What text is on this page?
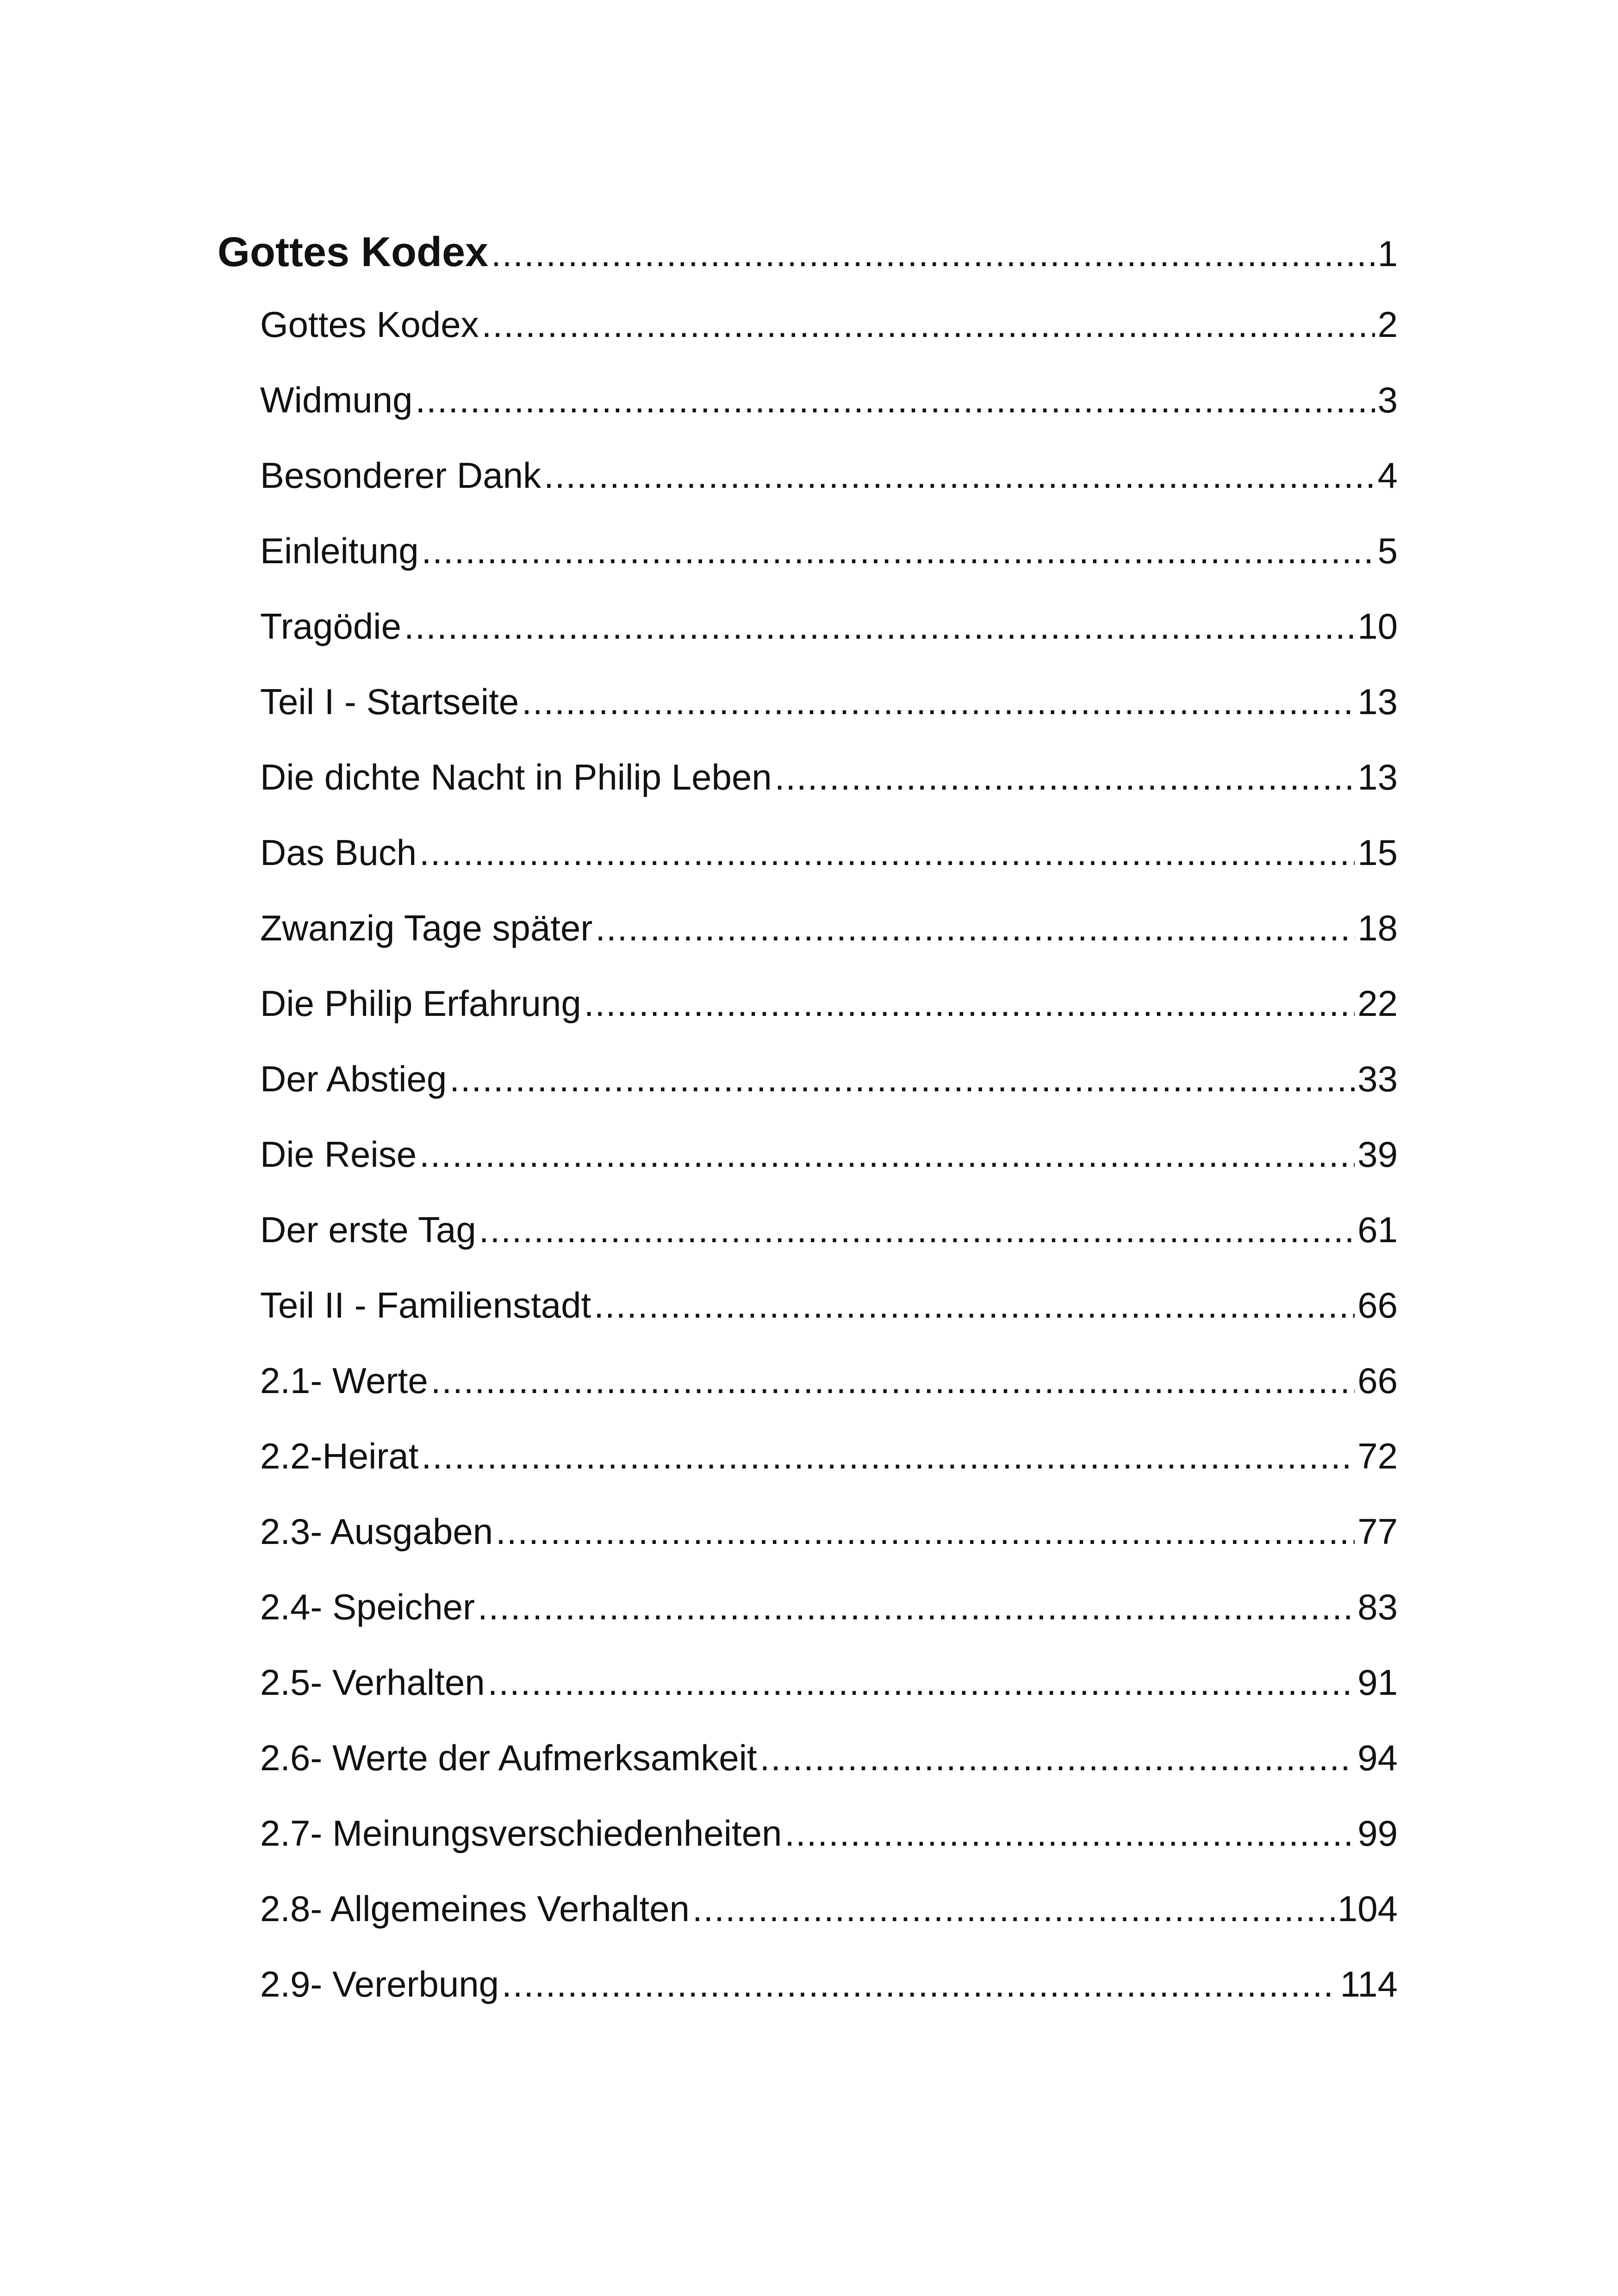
Gottes Kodex .....	1
Gottes Kodex .....	2
Widmung .....	3
Besonderer Dank .....	4
Einleitung .....	5
Tragödie .....	10
Teil I - Startseite .....	13
Die dichte Nacht in Philip Leben .....	13
Das Buch .....	15
Zwanzig Tage später .....	18
Die Philip Erfahrung .....	22
Der Abstieg .....	33
Die Reise .....	39
Der erste Tag .....	61
Teil II - Familienstadt .....	66
2.1- Werte .....	66
2.2-Heirat .....	72
2.3- Ausgaben .....	77
2.4- Speicher .....	83
2.5- Verhalten .....	91
2.6- Werte der Aufmerksamkeit .....	94
2.7- Meinungsverschiedenheiten .....	99
2.8- Allgemeines Verhalten .....	104
2.9- Vererbung .....	114
